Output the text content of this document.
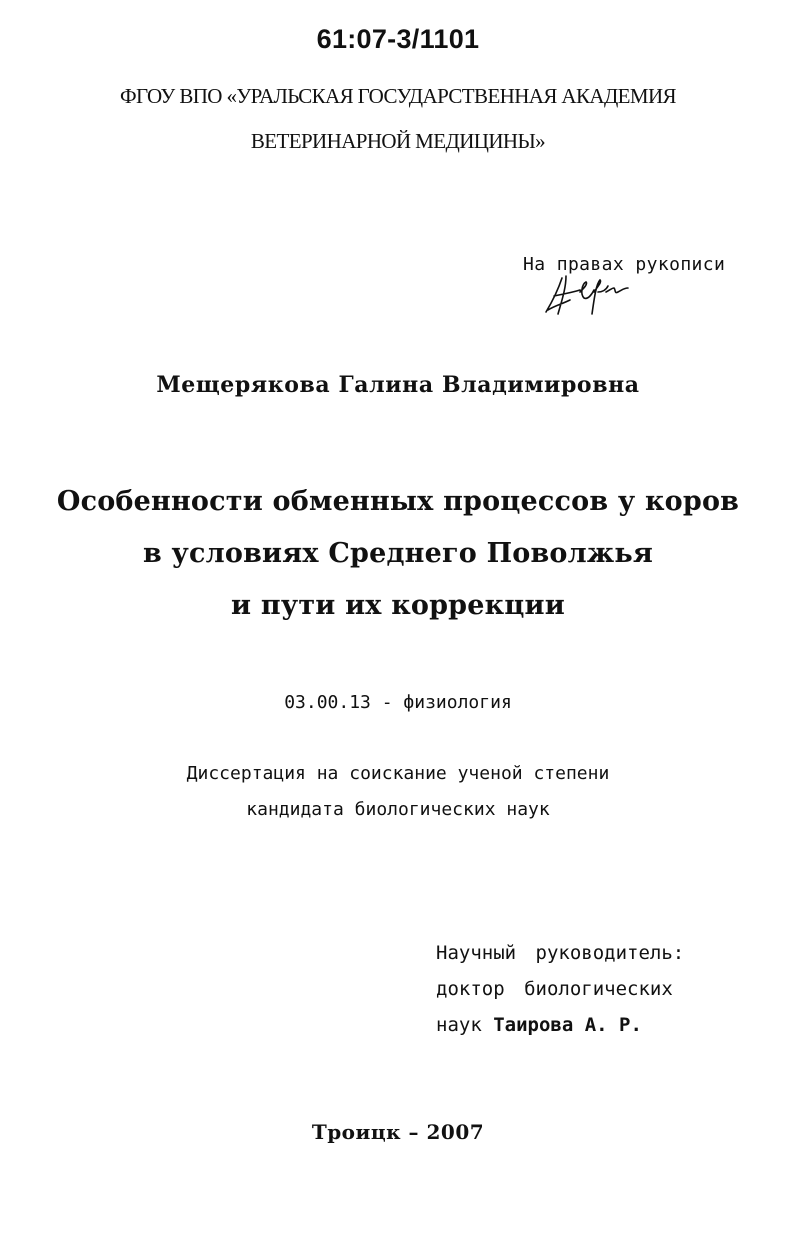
61:07-3/1101
ФГОУ ВПО «УРАЛЬСКАЯ ГОСУДАРСТВЕННАЯ АКАДЕМИЯ
ВЕТЕРИНАРНОЙ МЕДИЦИНЫ»
На правах рукописи
Мещерякова Галина Владимировна
Особенности обменных процессов у коров
в условиях Среднего Поволжья
и пути их коррекции
03.00.13 - физиология
Диссертация на соискание ученой степени
кандидата биологических наук
Научный руководитель:
доктор биологических
наук Таирова А. Р.
Троицк – 2007
